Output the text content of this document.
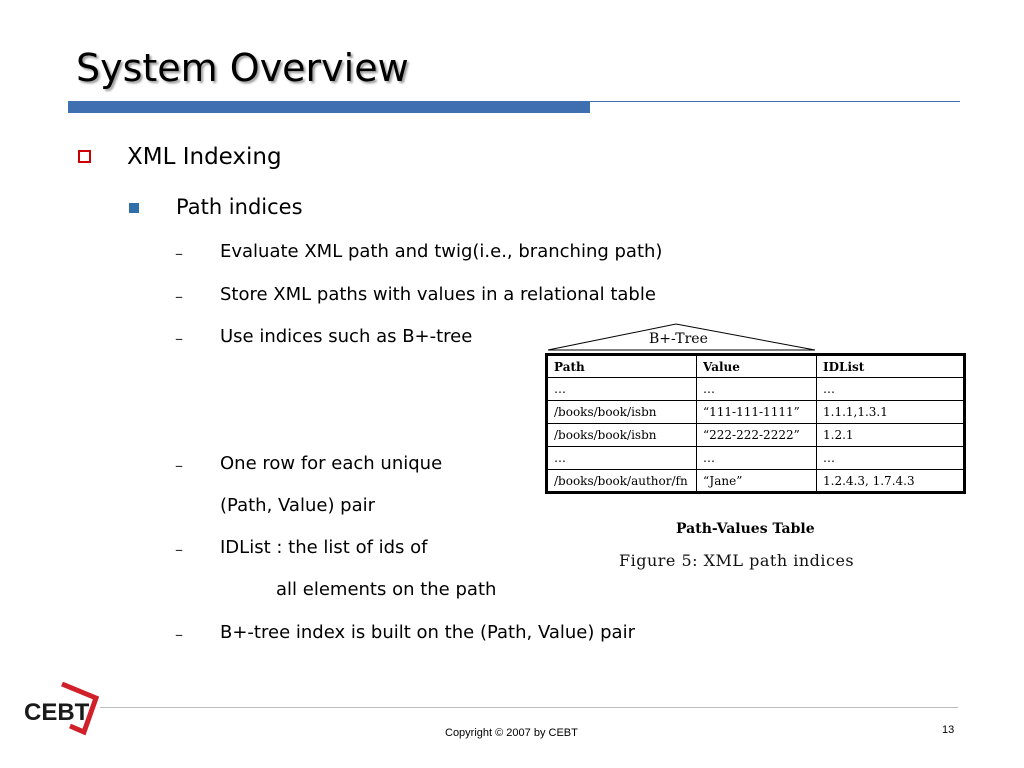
System Overview
XML Indexing
Path indices
– Evaluate XML path and twig(i.e., branching path)
– Store XML paths with values in a relational table
– Use indices such as B+-tree
– One row for each unique
(Path, Value) pair
– IDList : the list of ids of
all elements on the path
– B+-tree index is built on the (Path, Value) pair
B+-Tree
Path	Value	IDList
…	…	…
/books/book/isbn	“111-111-1111”	1.1.1,1.3.1
/books/book/isbn	“222-222-2222”	1.2.1
…	…	…
/books/book/author/fn	“Jane”	1.2.4.3, 1.7.4.3
Path-Values Table
Figure 5: XML path indices
CEBT
Copyright © 2007 by CEBT	13
